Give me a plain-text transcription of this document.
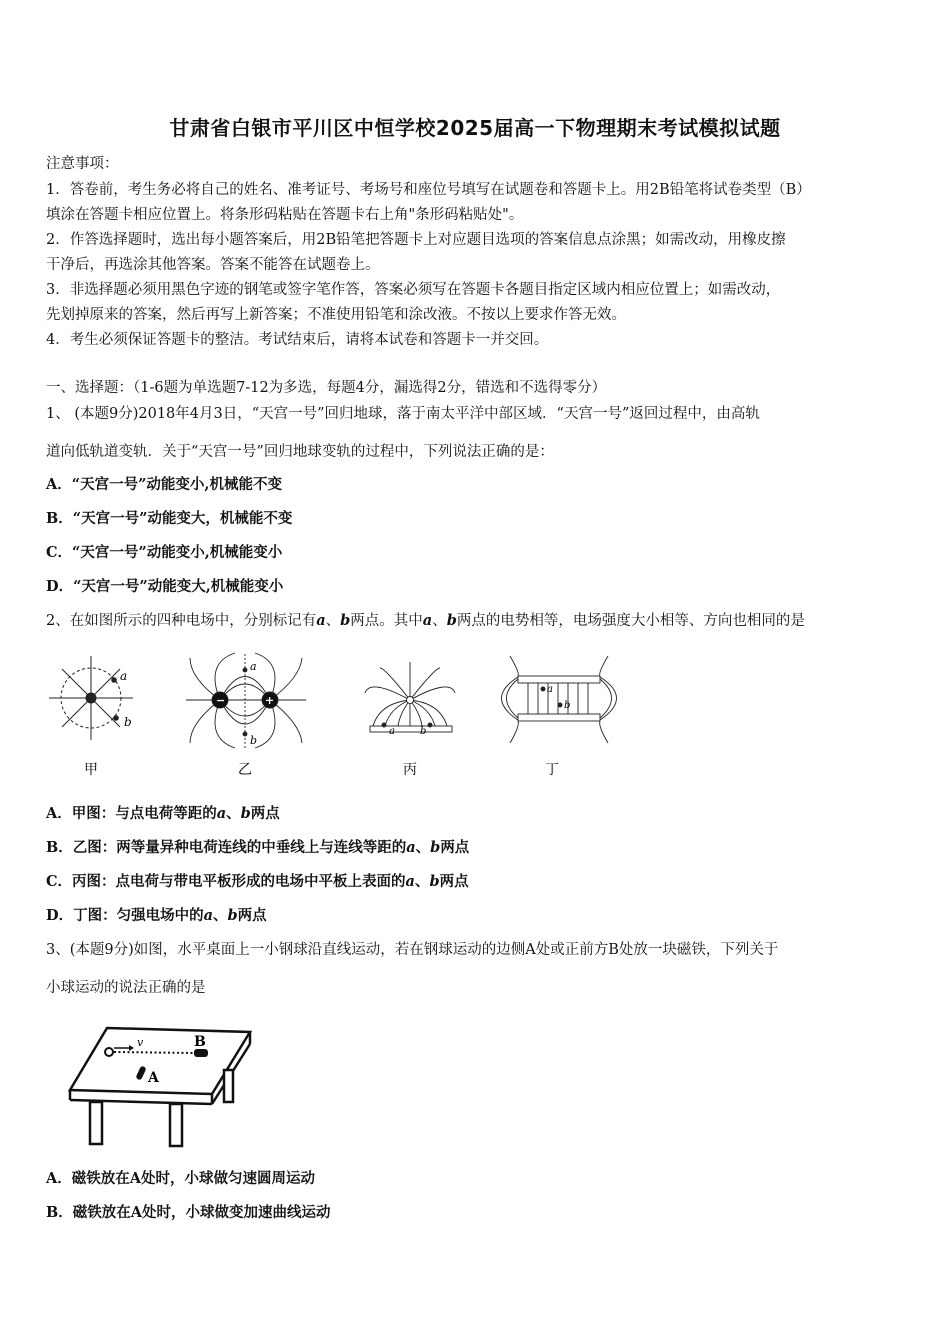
甘肃省白银市平川区中恒学校2025届高一下物理期末考试模拟试题
注意事项：
1．答卷前，考生务必将自己的姓名、准考证号、考场号和座位号填写在试题卷和答题卡上。用2B铅笔将试卷类型（B）
填涂在答题卡相应位置上。将条形码粘贴在答题卡右上角"条形码粘贴处"。
2．作答选择题时，选出每小题答案后，用2B铅笔把答题卡上对应题目选项的答案信息点涂黑；如需改动，用橡皮擦
干净后，再选涂其他答案。答案不能答在试题卷上。
3．非选择题必须用黑色字迹的钢笔或签字笔作答，答案必须写在答题卡各题目指定区域内相应位置上；如需改动，
先划掉原来的答案，然后再写上新答案；不准使用铅笔和涂改液。不按以上要求作答无效。
4．考生必须保证答题卡的整洁。考试结束后，请将本试卷和答题卡一并交回。
一、选择题：（1-6题为单选题7-12为多选，每题4分，漏选得2分，错选和不选得零分）
1、 (本题9分)2018年4月3日，“天宫一号”回归地球，落于南太平洋中部区域．“天宫一号”返回过程中，由高轨
道向低轨道变轨．关于“天宫一号”回归地球变轨的过程中，下列说法正确的是：
A．“天宫一号”动能变小,机械能不变
B．“天宫一号”动能变大，机械能不变
C．“天宫一号”动能变小,机械能变小
D．“天宫一号”动能变大,机械能变小
2、在如图所示的四种电场中，分别标记有a、b两点。其中a、b两点的电势相等，电场强度大小相等、方向也相同的是
a
b
甲
−	+
a
b
乙
a	b
丙
a
b
丁
A．甲图：与点电荷等距的a、b两点
B．乙图：两等量异种电荷连线的中垂线上与连线等距的a、b两点
C．丙图：点电荷与带电平板形成的电场中平板上表面的a、b两点
D．丁图：匀强电场中的a、b两点
3、(本题9分)如图，水平桌面上一小钢球沿直线运动，若在钢球运动的边侧A处或正前方B处放一块磁铁，下列关于
小球运动的说法正确的是
v	B
A
A．磁铁放在A处时，小球做匀速圆周运动
B．磁铁放在A处时，小球做变加速曲线运动
